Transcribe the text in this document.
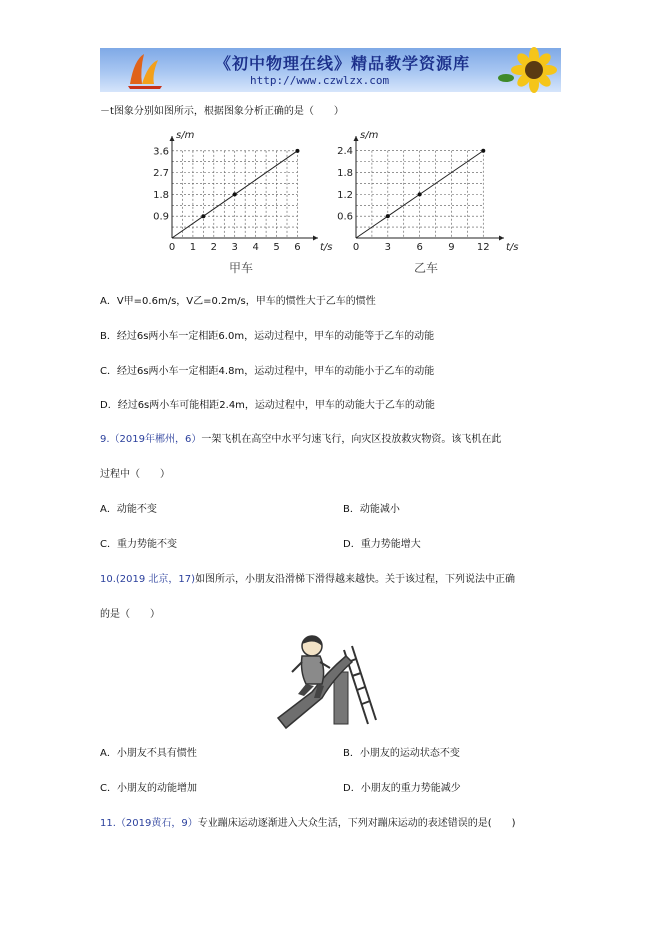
《初中物理在线》精品教学资源库
http://www.czwlzx.com
－t图象分别如图所示，根据图象分析正确的是（　　）
0 1 2 3 4 5 6
0.9
1.8
2.7
3.6
t/s
s/m
甲车
0	3	6	9 12
0.6
1.2
1.8
2.4
t/s
s/m
乙车
A．V甲=0.6m/s，V乙=0.2m/s，甲车的惯性大于乙车的惯性
B．经过6s两小车一定相距6.0m，运动过程中，甲车的动能等于乙车的动能
C．经过6s两小车一定相距4.8m，运动过程中，甲车的动能小于乙车的动能
D．经过6s两小车可能相距2.4m，运动过程中，甲车的动能大于乙车的动能
9.（2019年郴州，6）一架飞机在高空中水平匀速飞行，向灾区投放救灾物资。该飞机在此
过程中（　　）
A．动能不变	B．动能减小
C．重力势能不变	D．重力势能增大
10.(2019 北京，17)如图所示，小朋友沿滑梯下滑得越来越快。关于该过程，下列说法中正确
的是（　　）
A．小朋友不具有惯性	B．小朋友的运动状态不变
C．小朋友的动能增加	D．小朋友的重力势能减少
11.（2019黄石，9）专业蹦床运动逐渐进入大众生活，下列对蹦床运动的表述错误的是(　　)
